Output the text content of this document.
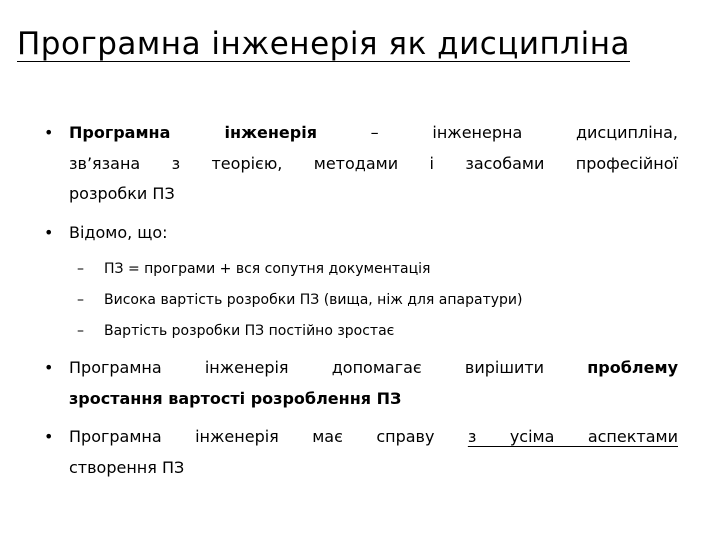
Програмна інженерія як дисципліна
• Програмна інженерія – інженерна дисципліна,
зв’язана з теорією, методами і засобами професійної
розробки ПЗ
• Відомо, що:
– ПЗ = програми + вся сопутня документація
– Висока вартість розробки ПЗ (вища, ніж для апаратури)
– Вартість розробки ПЗ постійно зростає
• Програмна інженерія допомагає вирішити проблему
зростання вартості розроблення ПЗ
• Програмна інженерія має справу з усіма аспектами
створення ПЗ
